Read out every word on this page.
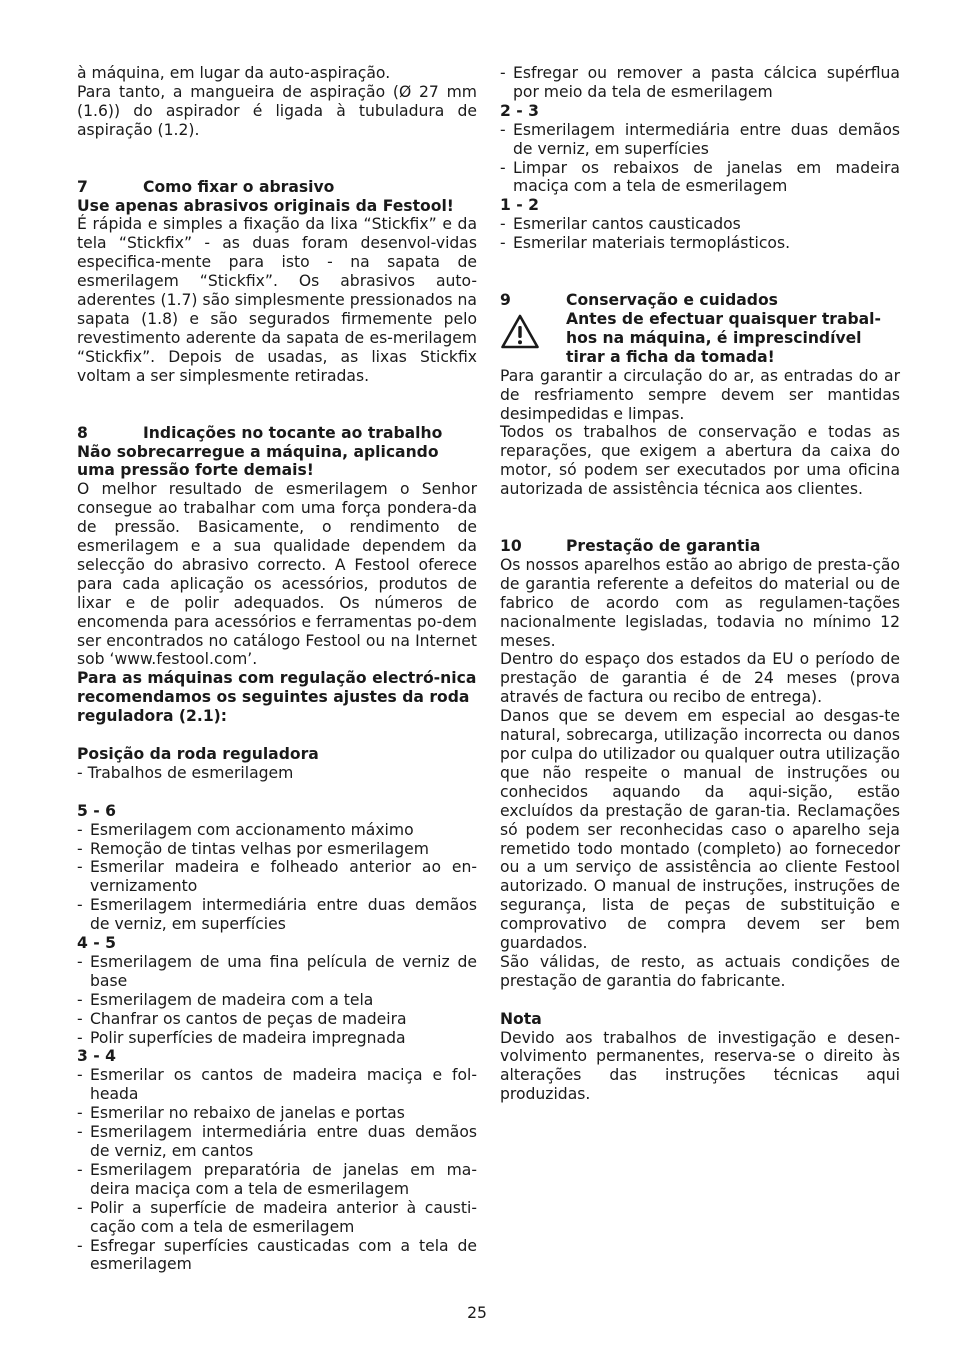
à máquina, em lugar da auto-aspiração.

Para tanto, a mangueira de aspiração (Ø 27 mm (1.6)) do aspirador é ligada à tubuladura de aspiração (1.2).

7	Como fixar o abrasivo

Use apenas abrasivos originais da Festool!

É rápida e simples a fixação da lixa “Stickfix” e da tela “Stickfix” - as duas foram desenvol-vidas especifica-mente para isto - na sapata de esmerilagem “Stickfix”. Os abrasivos auto-aderentes (1.7) são simplesmente pressionados na sapata (1.8) e são segurados firmemente pelo revestimento aderente da sapata de es-merilagem “Stickfix”. Depois de usadas, as lixas Stickfix voltam a ser simplesmente retiradas.

8	Indicações no tocante ao trabalho

Não sobrecarregue a máquina, aplicando uma pressão forte demais!

O melhor resultado de esmerilagem o Senhor consegue ao trabalhar com uma força pondera-da de pressão. Basicamente, o rendimento de esmerilagem e a sua qualidade dependem da selecção do abrasivo correcto. A Festool oferece para cada aplicação os acessórios, produtos de lixar e de polir adequados. Os números de encomenda para acessórios e ferramentas po-dem ser encontrados no catálogo Festool ou na Internet sob ‘www.festool.com’.

Para as máquinas com regulação electró-nica recomendamos os seguintes ajustes da roda reguladora (2.1):

Posição da roda reguladora

- Trabalhos de esmerilagem

5 - 6

- Esmerilagem com accionamento máximo
- Remoção de tintas velhas por esmerilagem
- Esmerilar madeira e folheado anterior ao en-vernizamento
- Esmerilagem intermediária entre duas demãos de verniz, em superfícies

4 - 5

- Esmerilagem de uma fina película de verniz de base
- Esmerilagem de madeira com a tela
- Chanfrar os cantos de peças de madeira
- Polir superfícies de madeira impregnada

3 - 4

- Esmerilar os cantos de madeira maciça e fol-heada
- Esmerilar no rebaixo de janelas e portas
- Esmerilagem intermediária entre duas demãos de verniz, em cantos
- Esmerilagem preparatória de janelas em ma-deira maciça com a tela de esmerilagem
- Polir a superfície de madeira anterior à causti-cação com a tela de esmerilagem
- Esfregar superfícies causticadas com a tela de esmerilagem
- Esfregar ou remover a pasta cálcica supérflua por meio da tela de esmerilagem

2 - 3

- Esmerilagem intermediária entre duas demãos de verniz, em superfícies
- Limpar os rebaixos de janelas em madeira maciça com a tela de esmerilagem

1 - 2

- Esmerilar cantos causticados
- Esmerilar materiais termoplásticos.
9	Conservação e cuidados
Antes de efectuar quaisquer trabal-hos na máquina, é imprescindível tirar a ficha da tomada!

Para garantir a circulação do ar, as entradas do ar de resfriamento sempre devem ser mantidas desimpedidas e limpas.

Todos os trabalhos de conservação e todas as reparações, que exigem a abertura da caixa do motor, só podem ser executados por uma oficina autorizada de assistência técnica aos clientes.

10	Prestação de garantia

Os nossos aparelhos estão ao abrigo de presta-ção de garantia referente a defeitos do material ou de fabrico de acordo com as regulamen-tações nacionalmente legisladas, todavia no mínimo 12 meses.

Dentro do espaço dos estados da EU o período de prestação de garantia é de 24 meses (prova através de factura ou recibo de entrega).

Danos que se devem em especial ao desgas-te natural, sobrecarga, utilização incorrecta ou danos por culpa do utilizador ou qualquer outra utilização que não respeite o manual de instruções ou conhecidos aquando da aqui-sição, estão excluídos da prestação de garan-tia. Reclamações só podem ser reconhecidas caso o aparelho seja remetido todo montado (completo) ao fornecedor ou a um serviço de assistência ao cliente Festool autorizado. O manual de instruções, instruções de segurança, lista de peças de substituição e comprovativo de compra devem ser bem guardados.

São válidas, de resto, as actuais condições de prestação de garantia do fabricante.

Nota

Devido aos trabalhos de investigação e desen-volvimento permanentes, reserva-se o direito às alterações das instruções técnicas aqui produzidas.

25
